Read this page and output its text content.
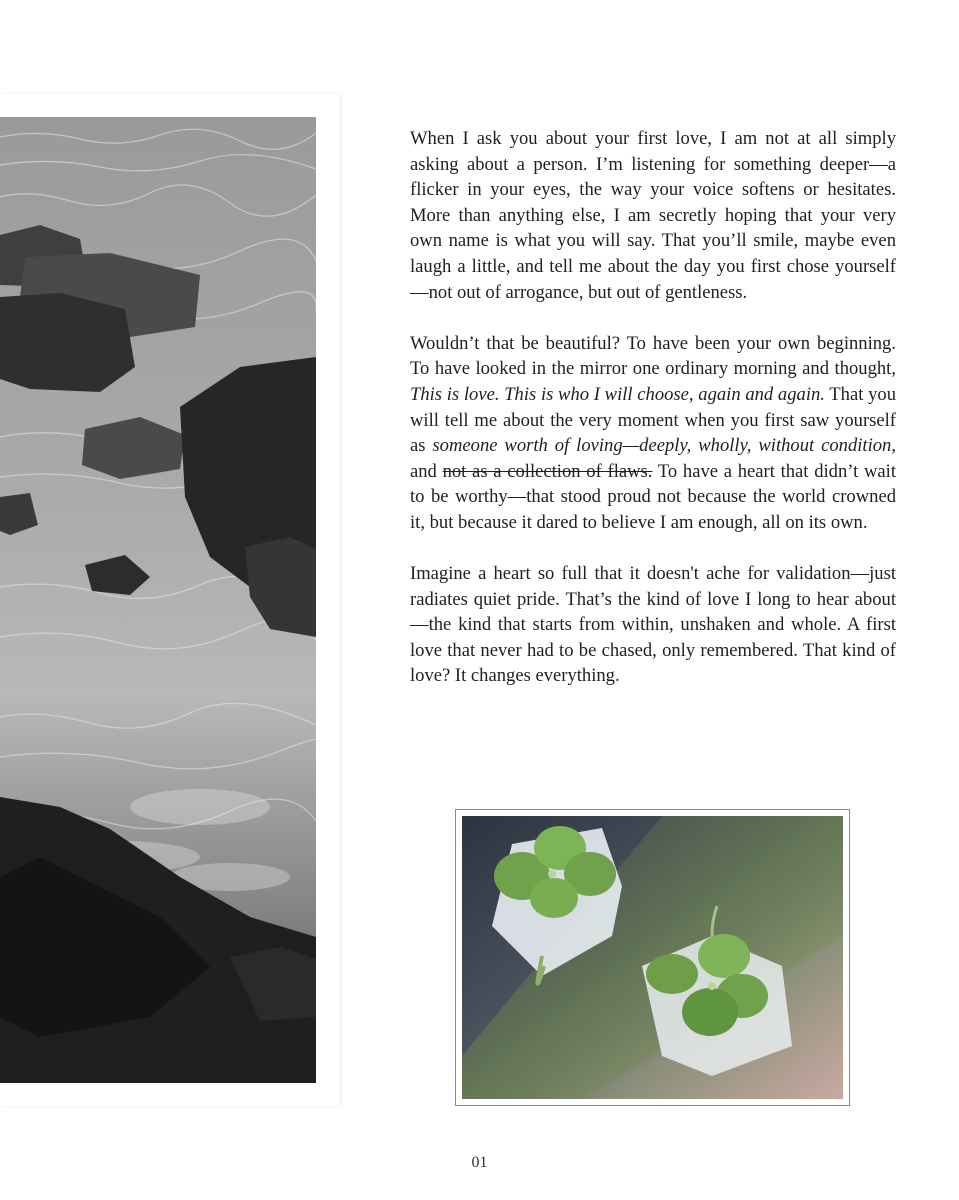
When I ask you about your first love, I am not at all simply asking about a person. I’m listening for something deeper—a flicker in your eyes, the way your voice softens or hesitates. More than anything else, I am secretly hoping that your very own name is what you will say. That you’ll smile, maybe even laugh a little, and tell me about the day you first chose yourself—not out of arrogance, but out of gentleness.

Wouldn’t that be beautiful? To have been your own beginning. To have looked in the mirror one ordinary morning and thought, This is love. This is who I will choose, again and again. That you will tell me about the very moment when you first saw yourself as someone worth of loving—deeply, wholly, without condition, and not as a collection of flaws. To have a heart that didn’t wait to be worthy—that stood proud not because the world crowned it, but because it dared to believe I am enough, all on its own.

Imagine a heart so full that it doesn't ache for validation—just radiates quiet pride. That’s the kind of love I long to hear about—the kind that starts from within, unshaken and whole. A first love that never had to be chased, only remembered. That kind of love? It changes everything.

01
